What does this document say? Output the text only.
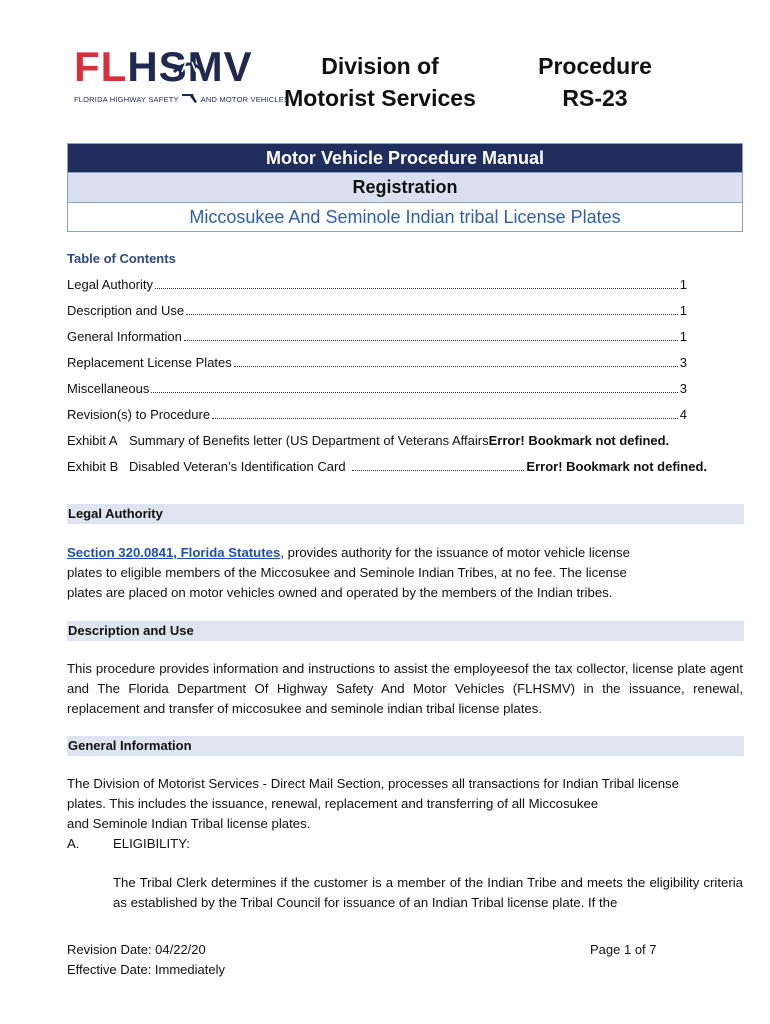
FLHSMV
FLORIDA HIGHWAY SAFETY	AND MOTOR VEHICLES
Division of
Motorist Services
Procedure
RS-23
Motor Vehicle Procedure Manual
Registration
Miccosukee And Seminole Indian tribal License Plates
Table of Contents
Legal Authority	1
Description and Use	1
General Information	1
Replacement License Plates	3
Miscellaneous	3
Revision(s) to Procedure	4
Exhibit A Summary of Benefits letter (US Department of Veterans Affairs Error! Bookmark not defined.
Exhibit B Disabled Veteran’s Identification Card	Error! Bookmark not defined.
Legal Authority
Section 320.0841, Florida Statutes, provides authority for the issuance of motor vehicle license
plates to eligible members of the Miccosukee and Seminole Indian Tribes, at no fee. The license
plates are placed on motor vehicles owned and operated by the members of the Indian tribes.
Description and Use
This procedure provides information and instructions to assist the employeesof the tax collector, license plate agent and The Florida Department Of Highway Safety And Motor Vehicles (FLHSMV) in the issuance, renewal, replacement and transfer of miccosukee and seminole indian tribal license plates.
General Information
The Division of Motorist Services - Direct Mail Section, processes all transactions for Indian Tribal license
plates. This includes the issuance, renewal, replacement and transferring of all Miccosukee
and Seminole Indian Tribal license plates.
A.	ELIGIBILITY:
The Tribal Clerk determines if the customer is a member of the Indian Tribe and meets the eligibility criteria as established by the Tribal Council for issuance of an Indian Tribal license plate. If the
Revision Date: 04/22/20
Effective Date: Immediately
Page 1 of 7
